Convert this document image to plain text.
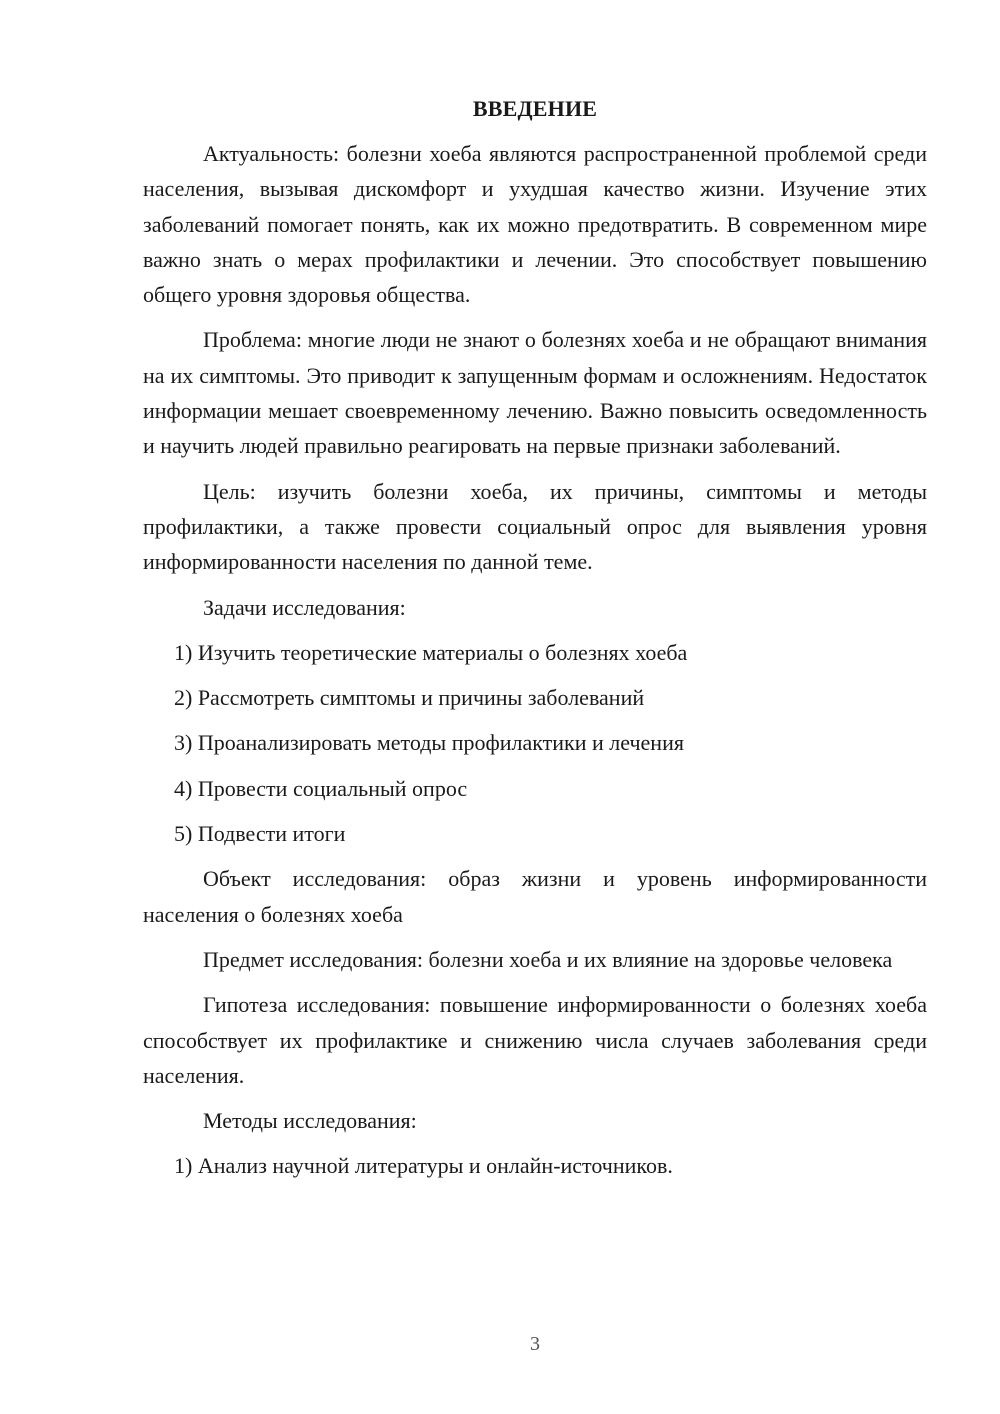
ВВЕДЕНИЕ

Актуальность: болезни хоеба являются распространенной проблемой среди населения, вызывая дискомфорт и ухудшая качество жизни. Изучение этих заболеваний помогает понять, как их можно предотвратить. В современном мире важно знать о мерах профилактики и лечении. Это способствует повышению общего уровня здоровья общества.

Проблема: многие люди не знают о болезнях хоеба и не обращают внимания на их симптомы. Это приводит к запущенным формам и осложнениям. Недостаток информации мешает своевременному лечению. Важно повысить осведомленность и научить людей правильно реагировать на первые признаки заболеваний.

Цель: изучить болезни хоеба, их причины, симптомы и методы профилактики, а также провести социальный опрос для выявления уровня информированности населения по данной теме.

Задачи исследования:

1) Изучить теоретические материалы о болезнях хоеба
2) Рассмотреть симптомы и причины заболеваний
3) Проанализировать методы профилактики и лечения
4) Провести социальный опрос
5) Подвести итоги

Объект исследования: образ жизни и уровень информированности населения о болезнях хоеба

Предмет исследования: болезни хоеба и их влияние на здоровье человека

Гипотеза исследования: повышение информированности о болезнях хоеба способствует их профилактике и снижению числа случаев заболевания среди населения.

Методы исследования:

1) Анализ научной литературы и онлайн-источников.
3
